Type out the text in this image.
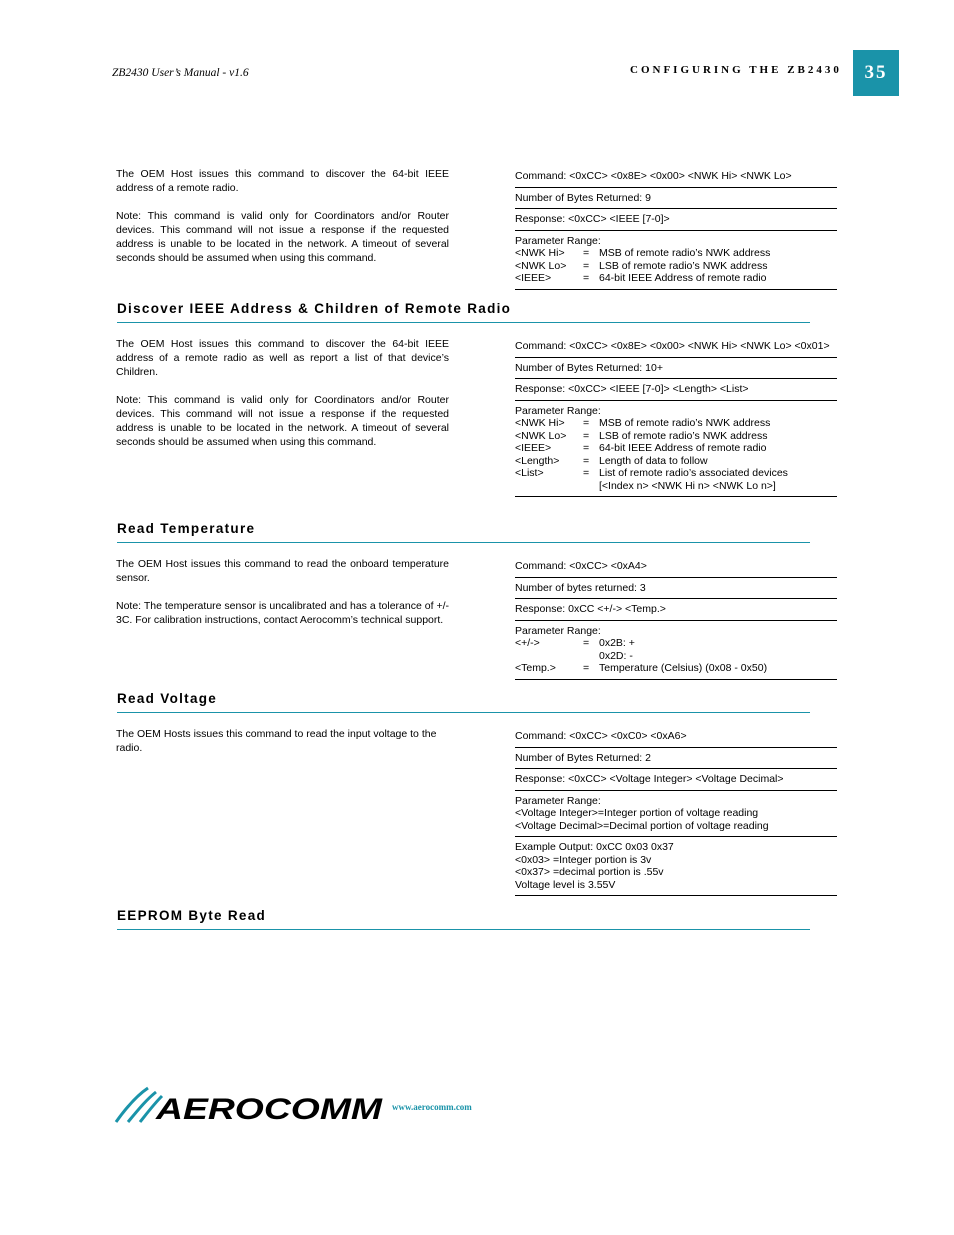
ZB2430 User’s Manual - v1.6	CONFIGURING THE ZB2430	35

The OEM Host issues this command to discover the 64-bit IEEE address of a remote radio.

Note: This command is valid only for Coordinators and/or Router devices. This command will not issue a response if the requested address is unable to be located in the network. A timeout of several seconds should be assumed when using this command.

Command: <0xCC> <0x8E> <0x00> <NWK Hi> <NWK Lo>
Number of Bytes Returned: 9
Response: <0xCC> <IEEE [7-0]>
Parameter Range:
<NWK Hi>	= MSB of remote radio’s NWK address
<NWK Lo>	= LSB of remote radio’s NWK address
<IEEE>	= 64-bit IEEE Address of remote radio
Discover IEEE Address & Children of Remote Radio

The OEM Host issues this command to discover the 64-bit IEEE address of a remote radio as well as report a list of that device’s Children.

Note: This command is valid only for Coordinators and/or Router devices. This command will not issue a response if the requested address is unable to be located in the network. A timeout of several seconds should be assumed when using this command.

Command: <0xCC> <0x8E> <0x00> <NWK Hi> <NWK Lo> <0x01>
Number of Bytes Returned: 10+
Response: <0xCC> <IEEE [7-0]> <Length> <List>
Parameter Range:
<NWK Hi>	= MSB of remote radio’s NWK address
<NWK Lo>	= LSB of remote radio’s NWK address
<IEEE>	= 64-bit IEEE Address of remote radio
<Length>	= Length of data to follow
<List>	= List of remote radio’s associated devices
[<Index n> <NWK Hi n> <NWK Lo n>]
Read Temperature

The OEM Host issues this command to read the onboard temperature sensor.

Note: The temperature sensor is uncalibrated and has a tolerance of +/- 3C. For calibration instructions, contact Aerocomm’s technical support.

Command: <0xCC> <0xA4>
Number of bytes returned: 3
Response: 0xCC <+/-> <Temp.>
Parameter Range:
<+/->	= 0x2B: +
0x2D: -
<Temp.>	= Temperature (Celsius) (0x08 - 0x50)
Read Voltage

The OEM Hosts issues this command to read the input voltage to the radio.

Command: <0xCC> <0xC0> <0xA6>
Number of Bytes Returned: 2
Response: <0xCC> <Voltage Integer> <Voltage Decimal>
Parameter Range:
<Voltage Integer>=Integer portion of voltage reading
<Voltage Decimal>=Decimal portion of voltage reading
Example Output: 0xCC 0x03 0x37
<0x03> =Integer portion is 3v
<0x37> =decimal portion is .55v
Voltage level is 3.55V
EEPROM Byte Read
AEROCOMM www.aerocomm.com
